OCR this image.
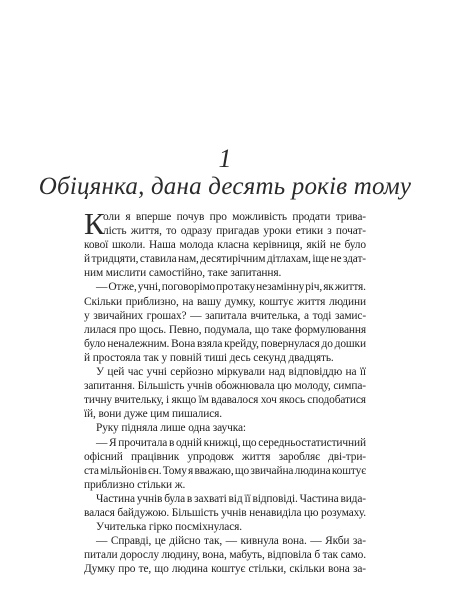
1
Обіцянка, дана десять років тому
К
оли я вперше почув про можливість продати трива-
лість життя, то одразу пригадав уроки етики з почат-
кової школи. Наша молода класна керівниця, якій не було
й тридцяти, ставила нам, десятирічним дітлахам, іще не здат-
ним мислити самостійно, таке запитання.
— Отже, учні, поговорімо про таку незамінну річ, як життя.
Скільки приблизно, на вашу думку, коштує життя людини
у звичайних грошах? — запитала вчителька, а тоді замис-
лилася про щось. Певно, подумала, що таке формулювання
було неналежним. Вона взяла крейду, повернулася до дошки
й простояла так у повній тиші десь секунд двадцять.
У цей час учні серйозно міркували над відповіддю на її
запитання. Більшість учнів обожнювала цю молоду, симпа-
тичну вчительку, і якщо їм вдавалося хоч якось сподобатися
їй, вони дуже цим пишалися.
Руку підняла лише одна заучка:
— Я прочитала в одній книжці, що середньостатистичний
офісний працівник упродовж життя заробляє дві-три-
ста мільйонів єн. Тому я вважаю, що звичайна людина коштує
приблизно стільки ж.
Частина учнів була в захваті від її відповіді. Частина вида-
валася байдужою. Більшість учнів ненавиділа цю розумаху.
Учителька гірко посміхнулася.
— Справді, це дійсно так, — кивнула вона. — Якби за-
питали дорослу людину, вона, мабуть, відповіла б так само.
Думку про те, що людина коштує стільки, скільки вона за-
